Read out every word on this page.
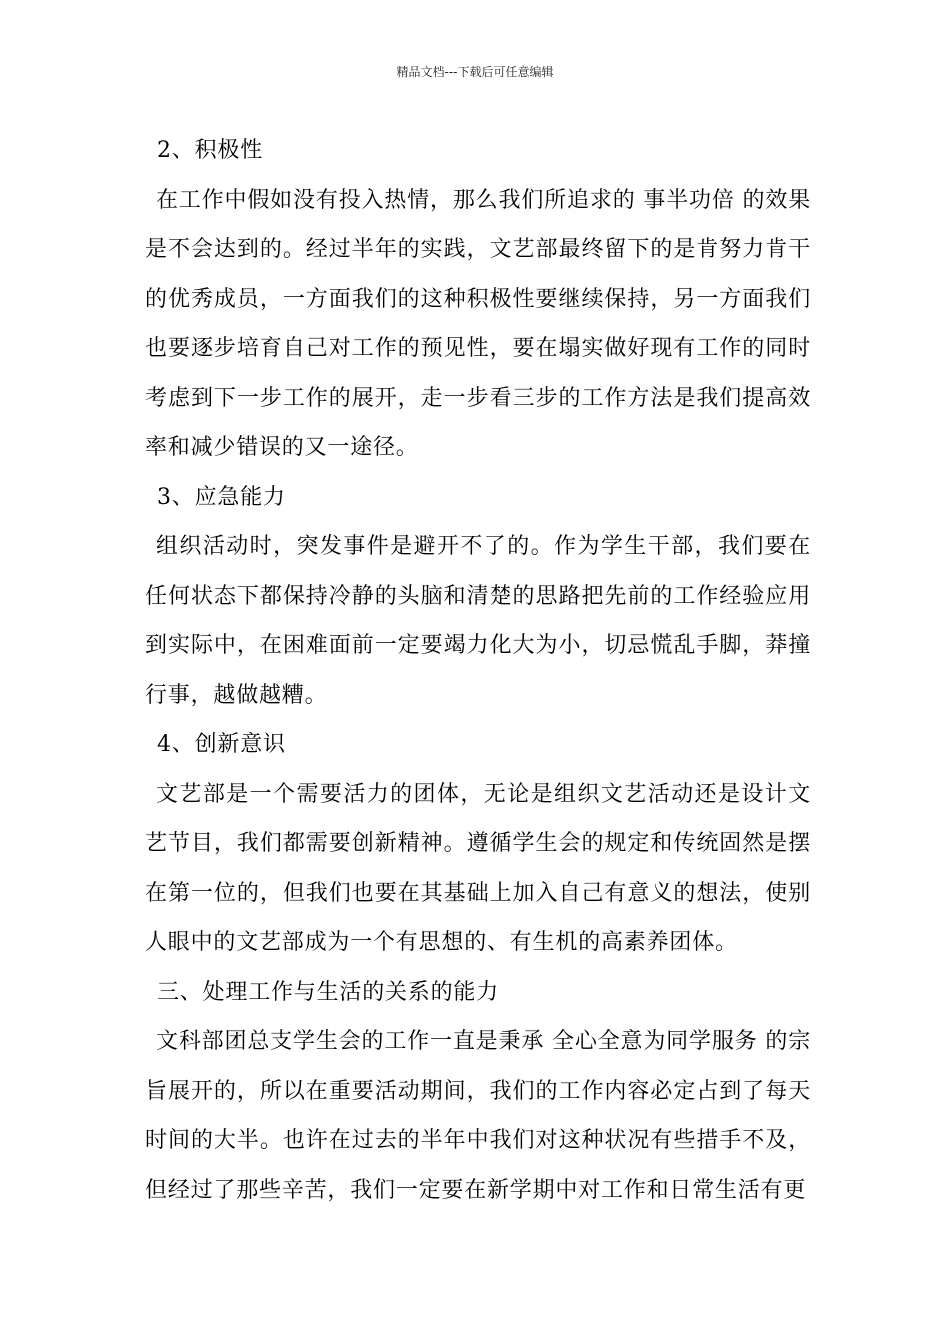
精品文档---下载后可任意编辑

2、积极性

在工作中假如没有投入热情，那么我们所追求的 事半功倍 的效果是不会达到的。经过半年的实践，文艺部最终留下的是肯努力肯干的优秀成员，一方面我们的这种积极性要继续保持，另一方面我们也要逐步培育自己对工作的预见性，要在塌实做好现有工作的同时考虑到下一步工作的展开，走一步看三步的工作方法是我们提高效率和减少错误的又一途径。

3、应急能力

组织活动时，突发事件是避开不了的。作为学生干部，我们要在任何状态下都保持冷静的头脑和清楚的思路把先前的工作经验应用到实际中，在困难面前一定要竭力化大为小，切忌慌乱手脚，莽撞行事，越做越糟。

4、创新意识

文艺部是一个需要活力的团体，无论是组织文艺活动还是设计文艺节目，我们都需要创新精神。遵循学生会的规定和传统固然是摆在第一位的，但我们也要在其基础上加入自己有意义的想法，使别人眼中的文艺部成为一个有思想的、有生机的高素养团体。

三、处理工作与生活的关系的能力

文科部团总支学生会的工作一直是秉承 全心全意为同学服务 的宗旨展开的，所以在重要活动期间，我们的工作内容必定占到了每天时间的大半。也许在过去的半年中我们对这种状况有些措手不及，但经过了那些辛苦，我们一定要在新学期中对工作和日常生活有更
